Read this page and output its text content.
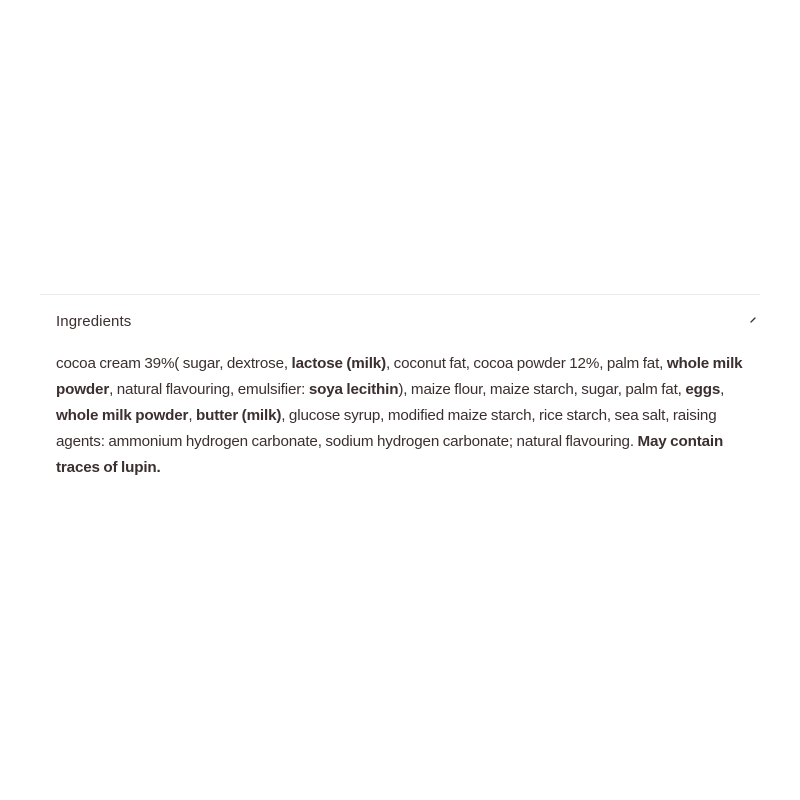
Ingredients

cocoa cream 39%( sugar, dextrose, lactose (milk), coconut fat, cocoa powder 12%, palm fat, whole milk powder, natural flavouring, emulsifier: soya lecithin), maize flour, maize starch, sugar, palm fat, eggs, whole milk powder, butter (milk), glucose syrup, modified maize starch, rice starch, sea salt, raising agents: ammonium hydrogen carbonate, sodium hydrogen carbonate; natural flavouring. May contain traces of lupin.
